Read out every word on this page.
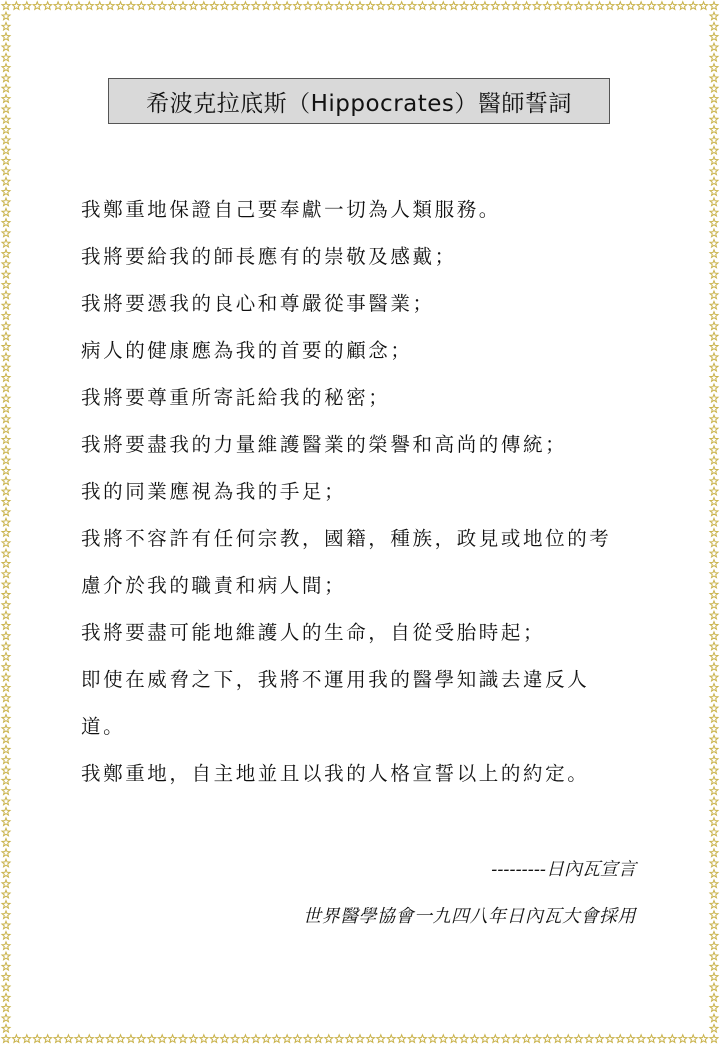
希波克拉底斯（Hippocrates）醫師誓詞
我鄭重地保證自己要奉獻一切為人類服務。
我將要給我的師長應有的崇敬及感戴；
我將要憑我的良心和尊嚴從事醫業；
病人的健康應為我的首要的顧念；
我將要尊重所寄託給我的秘密；
我將要盡我的力量維護醫業的榮譽和高尚的傳統；
我的同業應視為我的手足；
我將不容許有任何宗教，國籍，種族，政見或地位的考
慮介於我的職責和病人間；
我將要盡可能地維護人的生命，自從受胎時起；
即使在威脅之下，我將不運用我的醫學知識去違反人
道。
我鄭重地，自主地並且以我的人格宣誓以上的約定。
---------日內瓦宣言
世界醫學協會一九四八年日內瓦大會採用
